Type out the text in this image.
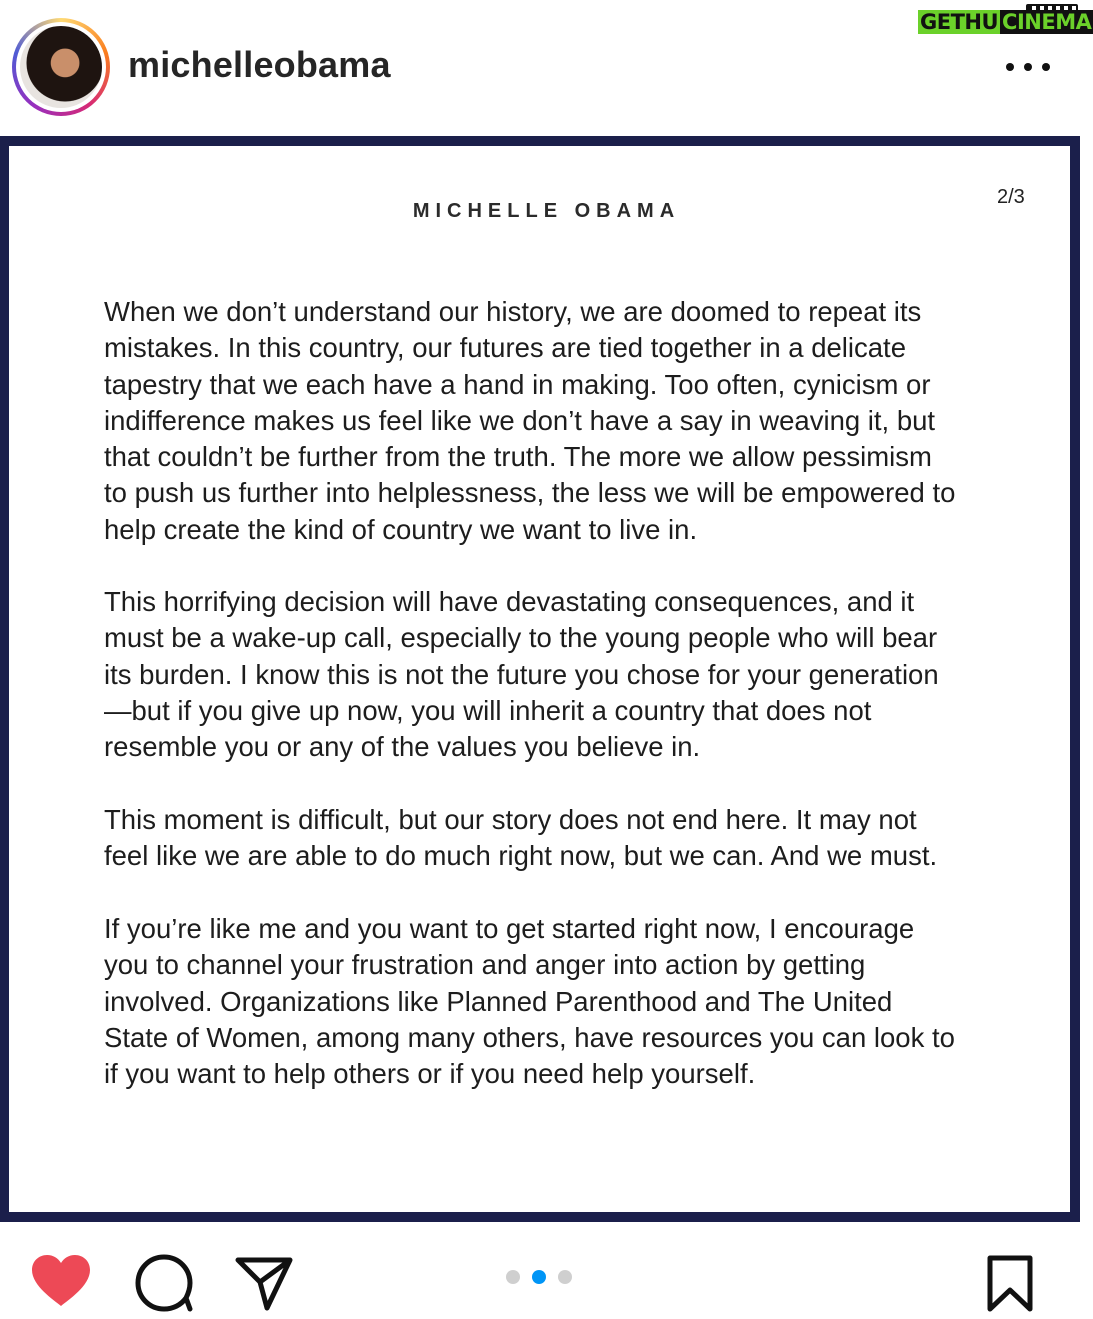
michelleobama
GETHU CINEMA
2/3
MICHELLE OBAMA

When we don’t understand our history, we are doomed to repeat its
mistakes. In this country, our futures are tied together in a delicate
tapestry that we each have a hand in making. Too often, cynicism or
indifference makes us feel like we don’t have a say in weaving it, but
that couldn’t be further from the truth. The more we allow pessimism
to push us further into helplessness, the less we will be empowered to
help create the kind of country we want to live in.

This horrifying decision will have devastating consequences, and it
must be a wake-up call, especially to the young people who will bear
its burden. I know this is not the future you chose for your generation
—but if you give up now, you will inherit a country that does not
resemble you or any of the values you believe in.

This moment is difficult, but our story does not end here. It may not
feel like we are able to do much right now, but we can. And we must.

If you’re like me and you want to get started right now, I encourage
you to channel your frustration and anger into action by getting
involved. Organizations like Planned Parenthood and The United
State of Women, among many others, have resources you can look to
if you want to help others or if you need help yourself.
